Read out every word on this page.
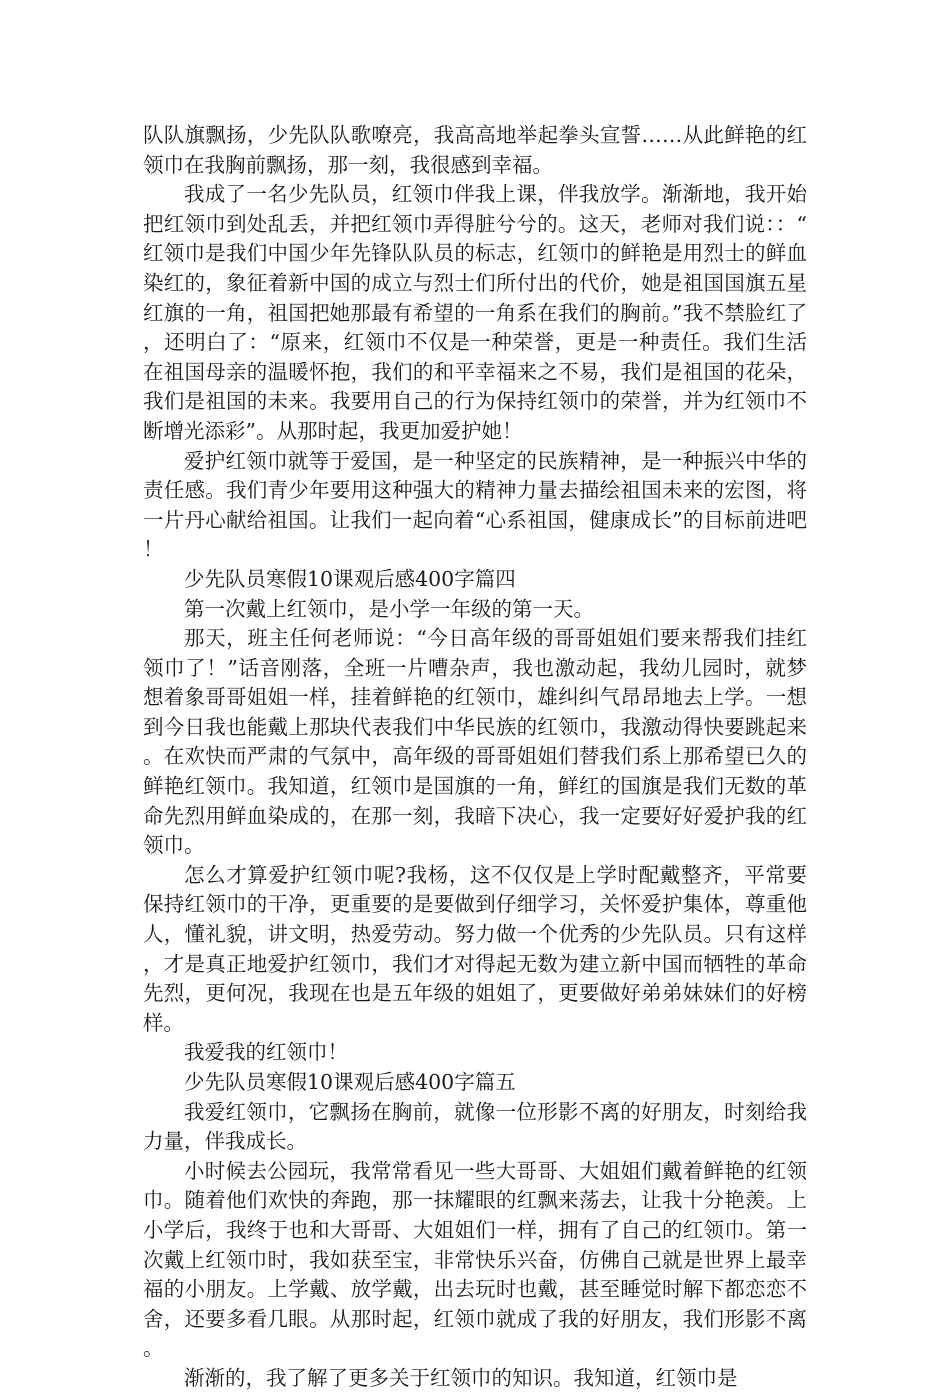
队队旗飘扬，少先队队歌嘹亮，我高高地举起拳头宣誓……从此鲜艳的红领巾在我胸前飘扬，那一刻，我很感到幸福。

我成了一名少先队员，红领巾伴我上课，伴我放学。渐渐地，我开始把红领巾到处乱丢，并把红领巾弄得脏兮兮的。这天，老师对我们说：：“红领巾是我们中国少年先锋队队员的标志，红领巾的鲜艳是用烈士的鲜血染红的，象征着新中国的成立与烈士们所付出的代价，她是祖国国旗五星红旗的一角，祖国把她那最有希望的一角系在我们的胸前。”我不禁脸红了，还明白了：“原来，红领巾不仅是一种荣誉，更是一种责任。我们生活在祖国母亲的温暖怀抱，我们的和平幸福来之不易，我们是祖国的花朵，我们是祖国的未来。我要用自己的行为保持红领巾的荣誉，并为红领巾不断增光添彩”。从那时起，我更加爱护她！

爱护红领巾就等于爱国，是一种坚定的民族精神，是一种振兴中华的责任感。我们青少年要用这种强大的精神力量去描绘祖国未来的宏图，将一片丹心献给祖国。让我们一起向着“心系祖国，健康成长”的目标前进吧！

少先队员寒假10课观后感400字篇四

第一次戴上红领巾，是小学一年级的第一天。

那天，班主任何老师说：“今日高年级的哥哥姐姐们要来帮我们挂红领巾了！”话音刚落，全班一片嘈杂声，我也激动起，我幼儿园时，就梦想着象哥哥姐姐一样，挂着鲜艳的红领巾，雄纠纠气昂昂地去上学。一想到今日我也能戴上那块代表我们中华民族的红领巾，我激动得快要跳起来。在欢快而严肃的气氛中，高年级的哥哥姐姐们替我们系上那希望已久的鲜艳红领巾。我知道，红领巾是国旗的一角，鲜红的国旗是我们无数的革命先烈用鲜血染成的，在那一刻，我暗下决心，我一定要好好爱护我的红领巾。

怎么才算爱护红领巾呢?我杨，这不仅仅是上学时配戴整齐，平常要保持红领巾的干净，更重要的是要做到仔细学习，关怀爱护集体，尊重他人，懂礼貌，讲文明，热爱劳动。努力做一个优秀的少先队员。只有这样，才是真正地爱护红领巾，我们才对得起无数为建立新中国而牺牲的革命先烈，更何况，我现在也是五年级的姐姐了，更要做好弟弟妹妹们的好榜样。

我爱我的红领巾！

少先队员寒假10课观后感400字篇五

我爱红领巾，它飘扬在胸前，就像一位形影不离的好朋友，时刻给我力量，伴我成长。

小时候去公园玩，我常常看见一些大哥哥、大姐姐们戴着鲜艳的红领巾。随着他们欢快的奔跑，那一抹耀眼的红飘来荡去，让我十分艳羡。上小学后，我终于也和大哥哥、大姐姐们一样，拥有了自己的红领巾。第一次戴上红领巾时，我如获至宝，非常快乐兴奋，仿佛自己就是世界上最幸福的小朋友。上学戴、放学戴，出去玩时也戴，甚至睡觉时解下都恋恋不舍，还要多看几眼。从那时起，红领巾就成了我的好朋友，我们形影不离。

渐渐的，我了解了更多关于红领巾的知识。我知道，红领巾是
